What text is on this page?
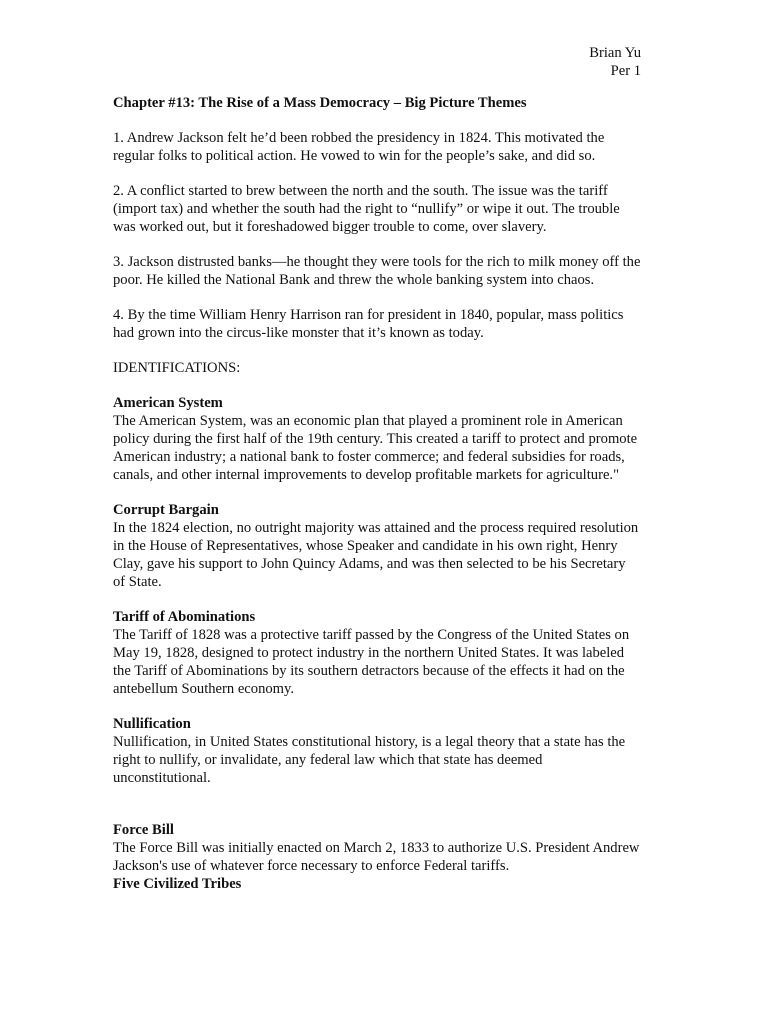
Brian Yu
Per 1
Chapter #13: The Rise of a Mass Democracy – Big Picture Themes

1. Andrew Jackson felt he’d been robbed the presidency in 1824. This motivated the regular folks to political action. He vowed to win for the people’s sake, and did so.

2. A conflict started to brew between the north and the south. The issue was the tariff (import tax) and whether the south had the right to “nullify” or wipe it out. The trouble was worked out, but it foreshadowed bigger trouble to come, over slavery.

3. Jackson distrusted banks—he thought they were tools for the rich to milk money off the poor. He killed the National Bank and threw the whole banking system into chaos.

4. By the time William Henry Harrison ran for president in 1840, popular, mass politics had grown into the circus-like monster that it’s known as today.

IDENTIFICATIONS:
American System
The American System, was an economic plan that played a prominent role in American policy during the first half of the 19th century. This created a tariff to protect and promote American industry; a national bank to foster commerce; and federal subsidies for roads, canals, and other internal improvements to develop profitable markets for agriculture."
Corrupt Bargain
In the 1824 election, no outright majority was attained and the process required resolution in the House of Representatives, whose Speaker and candidate in his own right, Henry Clay, gave his support to John Quincy Adams, and was then selected to be his Secretary of State.
Tariff of Abominations
The Tariff of 1828 was a protective tariff passed by the Congress of the United States on May 19, 1828, designed to protect industry in the northern United States. It was labeled the Tariff of Abominations by its southern detractors because of the effects it had on the antebellum Southern economy.
Nullification
Nullification, in United States constitutional history, is a legal theory that a state has the right to nullify, or invalidate, any federal law which that state has deemed unconstitutional.
Force Bill
The Force Bill was initially enacted on March 2, 1833 to authorize U.S. President Andrew Jackson's use of whatever force necessary to enforce Federal tariffs.
Five Civilized Tribes
